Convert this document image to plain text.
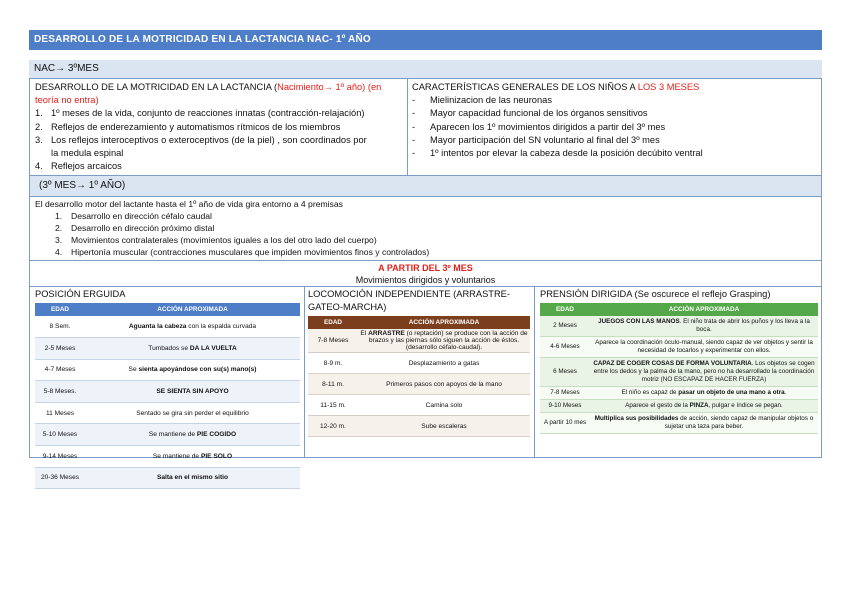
DESARROLLO DE LA MOTRICIDAD EN LA LACTANCIA NAC- 1º AÑO
NAC→ 3ºMES
DESARROLLO DE LA MOTRICIDAD EN LA LACTANCIA (Nacimiento→ 1º año) (en teoría no entra)
1. 1º meses de la vida, conjunto de reacciones innatas (contracción-relajación)
2. Reflejos de enderezamiento y automatismos rítmicos de los miembros
3. Los reflejos interoceptivos o exteroceptivos (de la piel) , son coordinados por
la medula espinal
4. Reflejos arcaicos
CARACTERÍSTICAS GENERALES DE LOS NIÑOS A LOS 3 MESES
- Mielinizacion de las neuronas
- Mayor capacidad funcional de los órganos sensitivos
- Aparecen los 1º movimientos dirigidos a partir del 3º mes
- Mayor participación del SN voluntario al final del 3º mes
- 1º intentos por elevar la cabeza desde la posición decúbito ventral
(3º MES→ 1º AÑO)
El desarrollo motor del lactante hasta el 1º año de vida gira entorno a 4 premisas
1. Desarrollo en dirección céfalo caudal
2. Desarrollo en dirección próximo distal
3. Movimientos contralaterales (movimientos iguales a los del otro lado del cuerpo)
4. Hipertonía muscular (contracciones musculares que impiden movimientos finos y controlados)
A PARTIR DEL 3º MES
Movimientos dirigidos y voluntarios
POSICIÓN ERGUIDA
EDAD	ACCIÓN APROXIMADA
8 Sem.	Aguanta la cabeza con la espalda curvada
2-5 Meses	Tumbados se DA LA VUELTA
4-7 Meses	Se sienta apoyándose con su(s) mano(s)
5-8 Meses.	SE SIENTA SIN APOYO
11 Meses	Sentado se gira sin perder el equilibrio
5-10 Meses	Se mantiene de PIE COGIDO
9-14 Meses	Se mantiene de PIE SOLO
20-36 Meses	Salta en el mismo sitio
LOCOMOCIÓN INDEPENDIENTE (ARRASTRE-
GATEO-MARCHA)
EDAD	ACCIÓN APROXIMADA
7-8 Meses	El ARRASTRE (o reptación) se produce con la acción de brazos y las piernas sólo siguen la acción de éstos. (desarrollo céfalo-caudal).
8-9 m.	Desplazamiento a gatas
8-11 m.	Primeros pasos con apoyos de la mano
11-15 m.	Camina solo
12-20 m.	Sube escaleras
PRENSIÓN DIRIGIDA (Se oscurece el reflejo Grasping)
EDAD	ACCIÓN APROXIMADA
2 Meses	JUEGOS CON LAS MANOS. El niño trata de abrir los puños y los lleva a la boca.
4-6 Meses	Aparece la coordinación óculo-manual, siendo capaz de ver objetos y sentir la necesidad de tocarlos y experimentar con ellos.
6 Meses	CAPAZ DE COGER COSAS DE FORMA VOLUNTARIA. Los objetos se cogen entre los dedos y la palma de la mano, pero no ha desarrollado la coordinación motriz (NO ESCAPAZ DE HACER FUERZA)
7-8 Meses	El niño es capaz de pasar un objeto de una mano a otra.
9-10 Meses	Aparece el gesto de la PINZA, pulgar e índice se pegan.
A partir 10 mes	Multiplica sus posibilidades de acción, siendo capaz de manipular objetos o sujetar una taza para beber.
